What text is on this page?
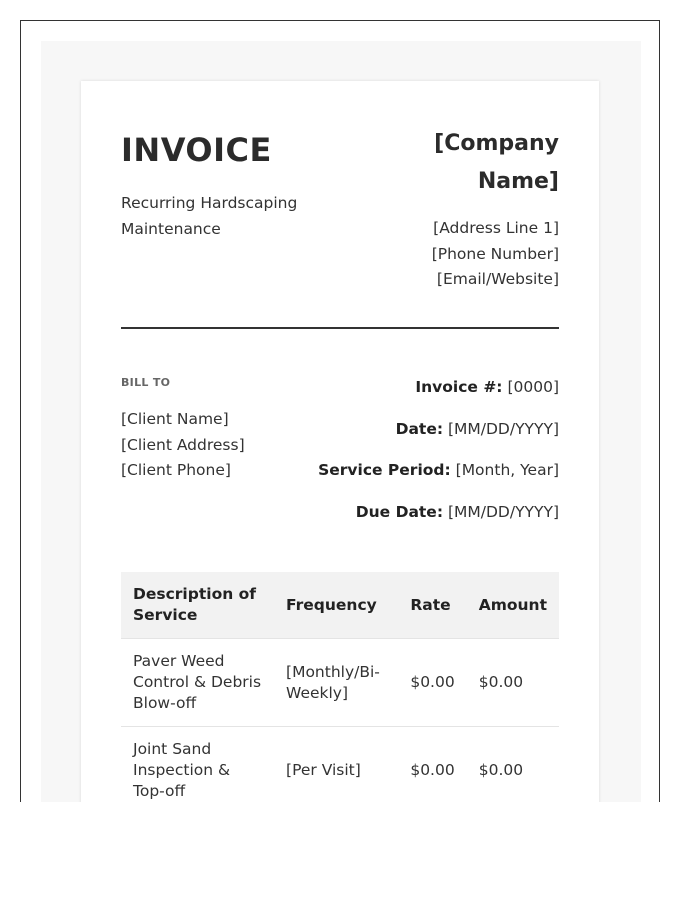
INVOICE
Recurring Hardscaping Maintenance
[Company Name]
[Address Line 1]
[Phone Number]
[Email/Website]
BILL TO
[Client Name]
[Client Address]
[Client Phone]
Invoice #: [0000]
Date: [MM/DD/YYYY]
Service Period: [Month, Year]
Due Date: [MM/DD/YYYY]
Description of Service	Frequency	Rate	Amount
Paver Weed Control & Debris Blow-off	[Monthly/Bi-Weekly]	$0.00	$0.00
Joint Sand Inspection & Top-off	[Per Visit]	$0.00	$0.00
